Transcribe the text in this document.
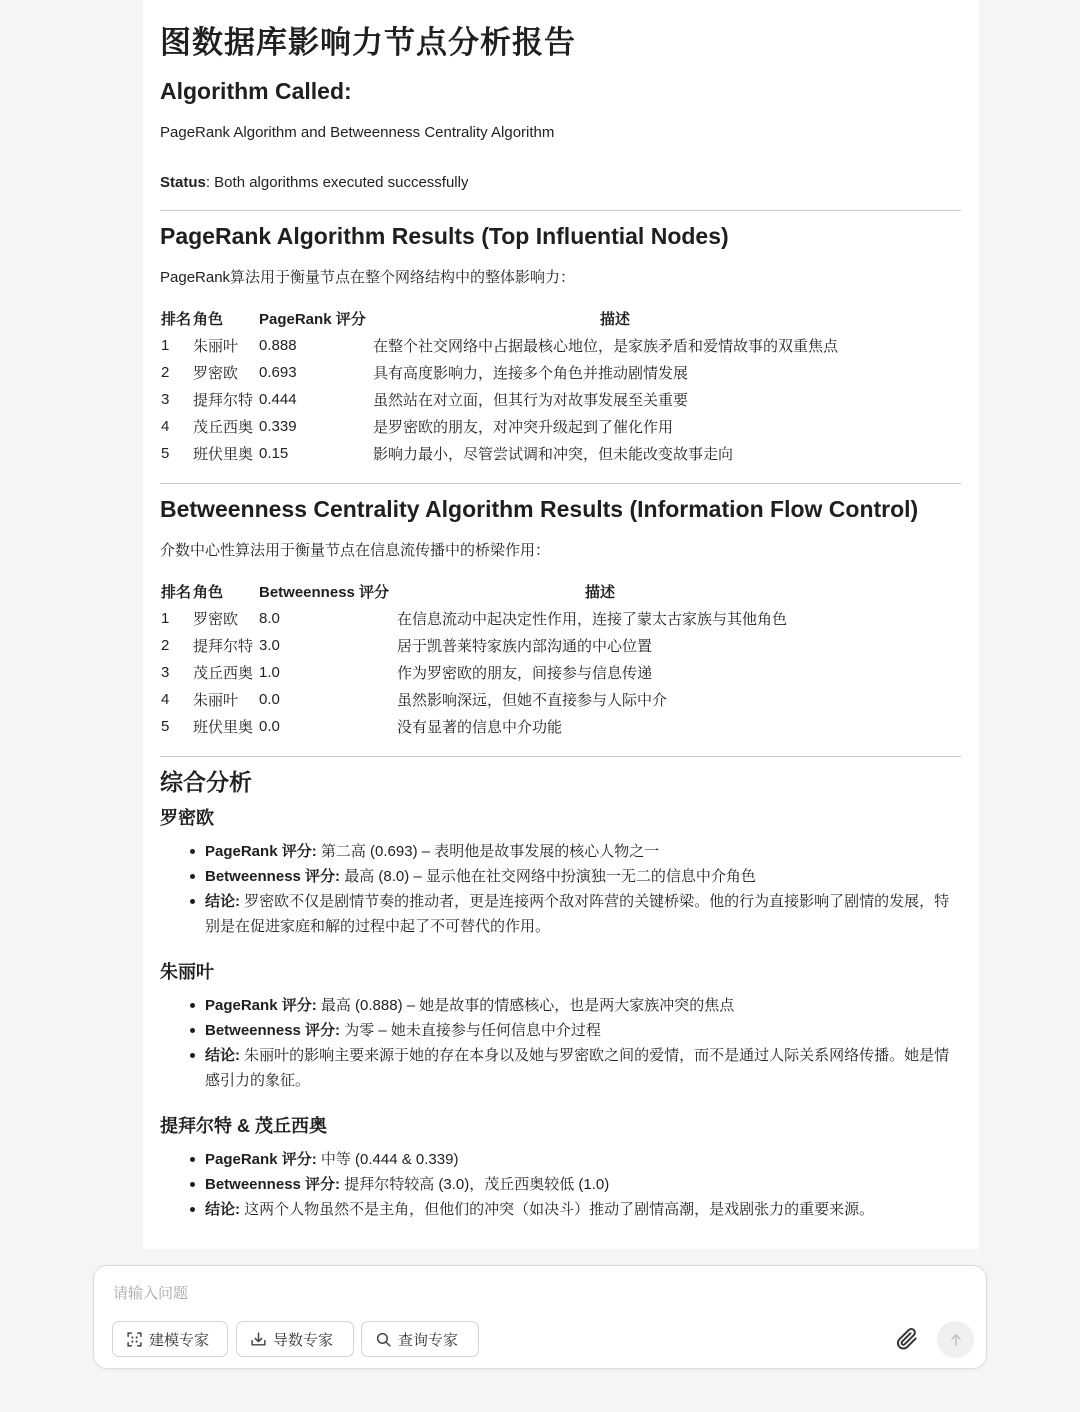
图数据库影响力节点分析报告
Algorithm Called:

PageRank Algorithm and Betweenness Centrality Algorithm

Status: Both algorithms executed successfully

PageRank Algorithm Results (Top Influential Nodes)

PageRank算法用于衡量节点在整个网络结构中的整体影响力：

排名	角色	PageRank 评分	描述
1	朱丽叶	0.888	在整个社交网络中占据最核心地位，是家族矛盾和爱情故事的双重焦点
2	罗密欧	0.693	具有高度影响力，连接多个角色并推动剧情发展
3	提拜尔特	0.444	虽然站在对立面，但其行为对故事发展至关重要
4	茂丘西奥	0.339	是罗密欧的朋友，对冲突升级起到了催化作用
5	班伏里奥	0.15	影响力最小，尽管尝试调和冲突，但未能改变故事走向
Betweenness Centrality Algorithm Results (Information Flow Control)

介数中心性算法用于衡量节点在信息流传播中的桥梁作用：

排名	角色	Betweenness 评分	描述
1	罗密欧	8.0	在信息流动中起决定性作用，连接了蒙太古家族与其他角色
2	提拜尔特	3.0	居于凯普莱特家族内部沟通的中心位置
3	茂丘西奥	1.0	作为罗密欧的朋友，间接参与信息传递
4	朱丽叶	0.0	虽然影响深远，但她不直接参与人际中介
5	班伏里奥	0.0	没有显著的信息中介功能
综合分析
罗密欧
PageRank 评分: 第二高 (0.693) – 表明他是故事发展的核心人物之一
Betweenness 评分: 最高 (8.0) – 显示他在社交网络中扮演独一无二的信息中介角色
结论: 罗密欧不仅是剧情节奏的推动者，更是连接两个敌对阵营的关键桥梁。他的行为直接影响了剧情的发展，特别是在促进家庭和解的过程中起了不可替代的作用。
朱丽叶
PageRank 评分: 最高 (0.888) – 她是故事的情感核心，也是两大家族冲突的焦点
Betweenness 评分: 为零 – 她未直接参与任何信息中介过程
结论: 朱丽叶的影响主要来源于她的存在本身以及她与罗密欧之间的爱情，而不是通过人际关系网络传播。她是情感引力的象征。
提拜尔特 & 茂丘西奥
PageRank 评分: 中等 (0.444 & 0.339)
Betweenness 评分: 提拜尔特较高 (3.0)，茂丘西奥较低 (1.0)
结论: 这两个人物虽然不是主角，但他们的冲突（如决斗）推动了剧情高潮，是戏剧张力的重要来源。
请输入问题
建模专家	导数专家	查询专家
